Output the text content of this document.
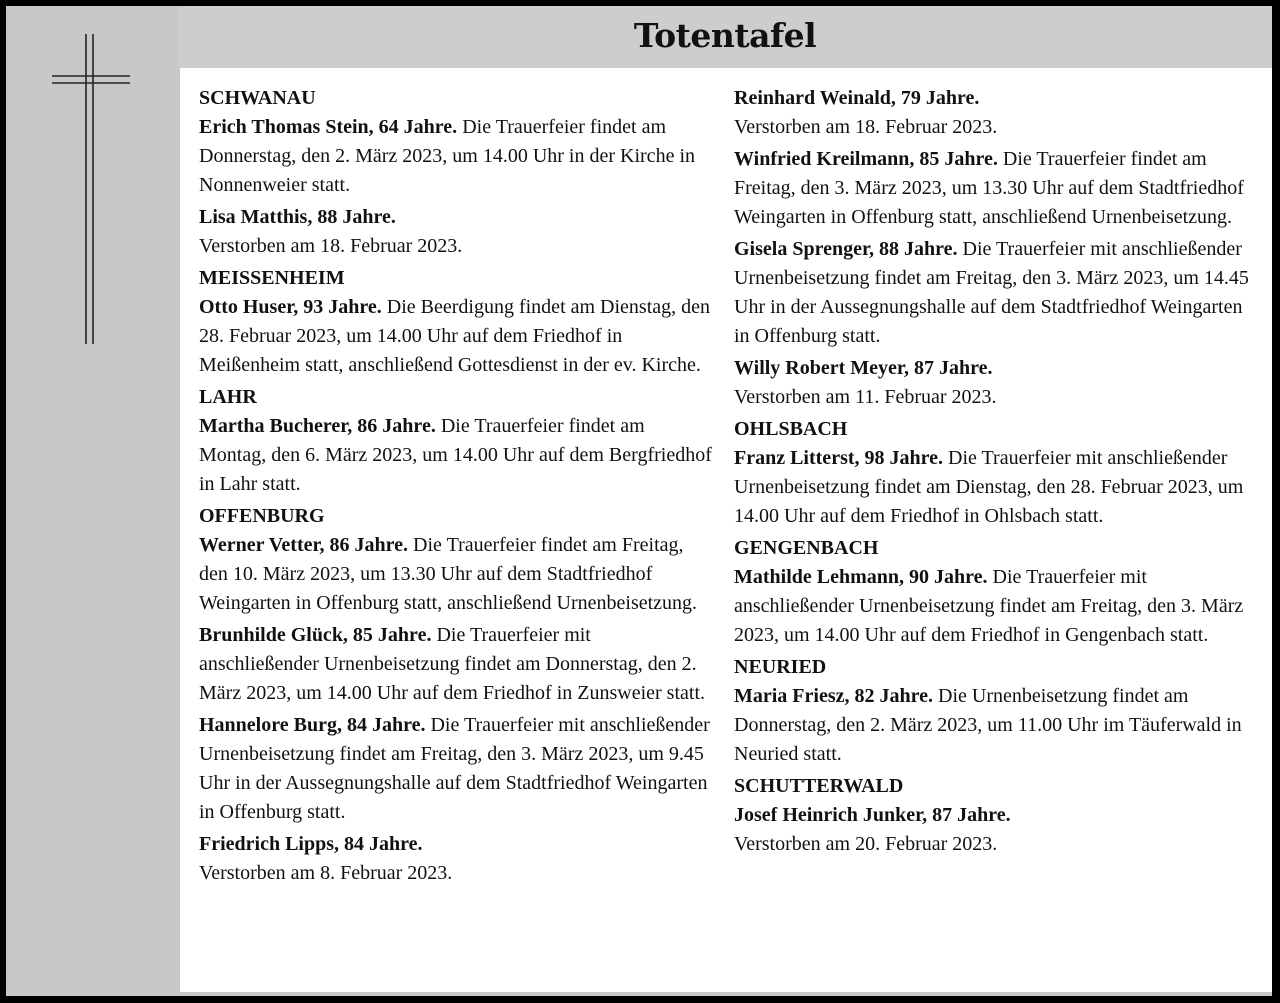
Totentafel
SCHWANAU
Erich Thomas Stein, 64 Jahre. Die Trauerfeier findet am Donnerstag, den 2. März 2023, um 14.00 Uhr in der Kirche in Nonnenweier statt.
Lisa Matthis, 88 Jahre.
Verstorben am 18. Februar 2023.
MEISSENHEIM
Otto Huser, 93 Jahre. Die Beerdigung findet am Dienstag, den 28. Februar 2023, um 14.00 Uhr auf dem Friedhof in Meißenheim statt, anschließend Gottesdienst in der ev. Kirche.
LAHR
Martha Bucherer, 86 Jahre. Die Trauerfeier findet am Montag, den 6. März 2023, um 14.00 Uhr auf dem Bergfriedhof in Lahr statt.
OFFENBURG
Werner Vetter, 86 Jahre. Die Trauerfeier findet am Freitag, den 10. März 2023, um 13.30 Uhr auf dem Stadtfriedhof Weingarten in Offenburg statt, anschließend Urnenbeisetzung.
Brunhilde Glück, 85 Jahre. Die Trauerfeier mit anschließender Urnenbeisetzung findet am Donnerstag, den 2. März 2023, um 14.00 Uhr auf dem Friedhof in Zunsweier statt.
Hannelore Burg, 84 Jahre. Die Trauerfeier mit anschließender Urnenbeisetzung findet am Freitag, den 3. März 2023, um 9.45 Uhr in der Aussegnungshalle auf dem Stadtfriedhof Weingarten in Offenburg statt.
Friedrich Lipps, 84 Jahre.
Verstorben am 8. Februar 2023.
Reinhard Weinald, 79 Jahre.
Verstorben am 18. Februar 2023.
Winfried Kreilmann, 85 Jahre. Die Trauerfeier findet am Freitag, den 3. März 2023, um 13.30 Uhr auf dem Stadtfriedhof Weingarten in Offenburg statt, anschließend Urnenbeisetzung.
Gisela Sprenger, 88 Jahre. Die Trauerfeier mit anschließender Urnenbeisetzung findet am Freitag, den 3. März 2023, um 14.45 Uhr in der Aussegnungshalle auf dem Stadtfriedhof Weingarten in Offenburg statt.
Willy Robert Meyer, 87 Jahre.
Verstorben am 11. Februar 2023.
OHLSBACH
Franz Litterst, 98 Jahre. Die Trauerfeier mit anschließender Urnenbeisetzung findet am Dienstag, den 28. Februar 2023, um 14.00 Uhr auf dem Friedhof in Ohlsbach statt.
GENGENBACH
Mathilde Lehmann, 90 Jahre. Die Trauerfeier mit anschließender Urnenbeisetzung findet am Freitag, den 3. März 2023, um 14.00 Uhr auf dem Friedhof in Gengenbach statt.
NEURIED
Maria Friesz, 82 Jahre. Die Urnenbeisetzung findet am Donnerstag, den 2. März 2023, um 11.00 Uhr im Täuferwald in Neuried statt.
SCHUTTERWALD
Josef Heinrich Junker, 87 Jahre.
Verstorben am 20. Februar 2023.
